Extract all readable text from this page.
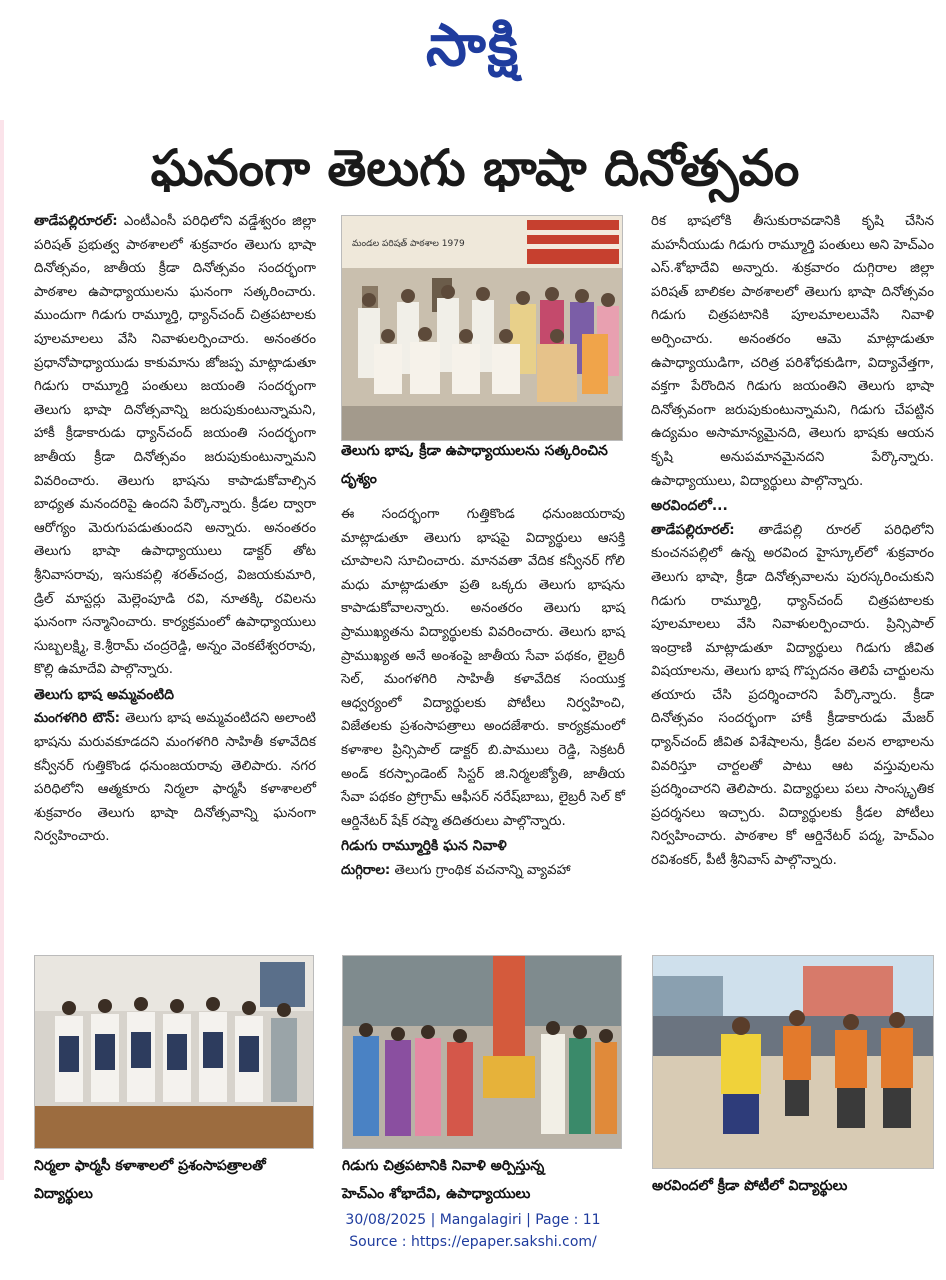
సాక్షి
ఘనంగా తెలుగు భాషా దినోత్సవం

తాడేపల్లిరూరల్: ఎంటీఎంసీ పరిధిలోని వడ్డేశ్వరం జిల్లా పరిషత్‌ ప్రభుత్వ పాఠశాలలో శుక్రవారం తెలుగు భాషా దినోత్సవం, జాతీయ క్రీడా దినోత్సవం సందర్భంగా పాఠశాల ఉపాధ్యాయులను ఘనంగా సత్కరించారు. ముందుగా గిడుగు రామ్మూర్తి, ధ్యాన్‌చంద్‌ చిత్రపటాలకు పూలమాలలు వేసి నివాళులర్పించారు. అనంతరం ప్రధానోపాధ్యాయుడు కాకుమాను జోజప్ప మాట్లాడుతూ గిడుగు రామ్మూర్తి పంతులు జయంతి సందర్భంగా తెలుగు భాషా దినోత్సవాన్ని జరుపుకుంటున్నామని, హాకీ క్రీడాకారుడు ధ్యాన్‌చంద్‌ జయంతి సందర్భంగా జాతీయ క్రీడా దినోత్సవం జరుపుకుంటున్నామని వివరించారు. తెలుగు భాషను కాపాడుకోవాల్సిన బాధ్యత మనందరిపై ఉందని పేర్కొన్నారు. క్రీడల ద్వారా ఆరోగ్యం మెరుగుపడుతుందని అన్నారు. అనంతరం తెలుగు భాషా ఉపాధ్యాయులు డాక్టర్‌ తోట శ్రీనివాసరావు, ఇసుకపల్లి శరత్‌చంద్ర, విజయకుమారి, డ్రిల్‌ మాస్టర్లు మెల్లెంపూడి రవి, నూతక్కి రవిలను ఘనంగా సన్మానించారు. కార్యక్రమంలో ఉపాధ్యాయులు సుబ్బలక్ష్మి, కె.శ్రీరామ్‌ చంద్రరెడ్డి, అన్నం వెంకటేశ్వరరావు, కొల్లి ఉమాదేవి పాల్గొన్నారు.

తెలుగు భాష అమ్మవంటిది

మంగళగిరి టౌన్‌: తెలుగు భాష అమ్మవంటిదని అలాంటి భాషను మరువకూడదని మంగళగిరి సాహితీ కళావేదిక కన్వీనర్‌ గుత్తికొండ ధనుంజయరావు తెలిపారు. నగర పరిధిలోని ఆత్మకూరు నిర్మలా ఫార్మసీ కళాశాలలో శుక్రవారం తెలుగు భాషా దినోత్సవాన్ని ఘనంగా నిర్వహించారు.

మండల పరిషత్ పాఠశాల 1979
తెలుగు భాష, క్రీడా ఉపాధ్యాయులను సత్కరించిన దృశ్యం

ఈ సందర్భంగా గుత్తికొండ ధనుంజయరావు మాట్లాడుతూ తెలుగు భాషపై విద్యార్థులు ఆసక్తి చూపాలని సూచించారు. మానవతా వేదిక కన్వీనర్‌ గోలి మధు మాట్లాడుతూ ప్రతి ఒక్కరు తెలుగు భాషను కాపాడుకోవాలన్నారు. అనంతరం తెలుగు భాష ప్రాముఖ్యతను విద్యార్థులకు వివరించారు. తెలుగు భాష ప్రాముఖ్యత అనే అంశంపై జాతీయ సేవా పథకం, లైబ్రరీ సెల్‌, మంగళగిరి సాహితీ కళావేదిక సంయుక్త ఆధ్వర్యంలో విద్యార్థులకు పోటీలు నిర్వహించి, విజేతలకు ప్రశంసాపత్రాలు అందజేశారు. కార్యక్రమంలో కళాశాల ప్రిన్సిపాల్‌ డాక్టర్‌ బి.పాములు రెడ్డి, సెక్రటరీ అండ్‌ కరస్పాండెంట్‌ సిస్టర్‌ జి.నిర్మలజ్యోతి, జాతీయ సేవా పథకం ప్రోగ్రామ్‌ ఆఫీసర్‌ నరేష్‌బాబు, లైబ్రరీ సెల్‌ కో ఆర్డినేటర్‌ షేక్‌ రష్మా తదితరులు పాల్గొన్నారు.

గిడుగు రామ్మూర్తికి ఘన నివాళి

దుగ్గిరాల: తెలుగు గ్రాంథిక వచనాన్ని వ్యావహా

రిక భాషలోకి తీసుకురావడానికి కృషి చేసిన మహనీయుడు గిడుగు రామ్మూర్తి పంతులు అని హెచ్‌ఎం ఎస్‌.శోభాదేవి అన్నారు. శుక్రవారం దుగ్గిరాల జిల్లా పరిషత్‌ బాలికల పాఠశాలలో తెలుగు భాషా దినోత్సవం గిడుగు చిత్రపటానికి పూలమాలలువేసి నివాళి అర్పించారు. అనంతరం ఆమె మాట్లాడుతూ ఉపాధ్యాయుడిగా, చరిత్ర పరిశోధకుడిగా, విద్యావేత్తగా, వక్తగా పేరొందిన గిడుగు జయంతిని తెలుగు భాషా దినోత్సవంగా జరుపుకుంటున్నామని, గిడుగు చేపట్టిన ఉద్యమం అసామాన్యమైనది, తెలుగు భాషకు ఆయన కృషి అనుపమానమైనదని పేర్కొన్నారు. ఉపాధ్యాయులు, విద్యార్థులు పాల్గొన్నారు.

అరవిందలో...

తాడేపల్లిరూరల్‌: తాడేపల్లి రూరల్‌ పరిధిలోని కుంచనపల్లిలో ఉన్న అరవింద హైస్కూల్‌లో శుక్రవారం తెలుగు భాషా, క్రీడా దినోత్సవాలను పురస్కరించుకుని గిడుగు రామ్మూర్తి, ధ్యాన్‌చంద్‌ చిత్రపటాలకు పూలమాలలు వేసి నివాళులర్పించారు. ప్రిన్సిపాల్‌ ఇంద్రాణి మాట్లాడుతూ విద్యార్థులు గిడుగు జీవిత విషయాలను, తెలుగు భాష గొప్పదనం తెలిపే చార్టులను తయారు చేసి ప్రదర్శించారని పేర్కొన్నారు. క్రీడా దినోత్సవం సందర్భంగా హాకీ క్రీడాకారుడు మేజర్‌ ధ్యాన్‌చంద్‌ జీవిత విశేషాలను, క్రీడల వలన లాభాలను వివరిస్తూ చార్టలతో పాటు ఆట వస్తువులను ప్రదర్శించారని తెలిపారు. విద్యార్థులు పలు సాంస్కృతిక ప్రదర్శనలు ఇచ్చారు. విద్యార్థులకు క్రీడల పోటీలు నిర్వహించారు. పాఠశాల కో ఆర్డినేటర్‌ పద్మ, హెచ్‌ఎం రవిశంకర్‌, పీటీ శ్రీనివాస్‌ పాల్గొన్నారు.

నిర్మలా ఫార్మసీ కళాశాలలో ప్రశంసాపత్రాలతో
విద్యార్థులు
గిడుగు చిత్రపటానికి నివాళి అర్పిస్తున్న
హెచ్‌ఎం శోభాదేవి, ఉపాధ్యాయులు	అరవిందలో క్రీడా పోటీలో విద్యార్థులు
30/08/2025 | Mangalagiri | Page : 11
Source : https://epaper.sakshi.com/
